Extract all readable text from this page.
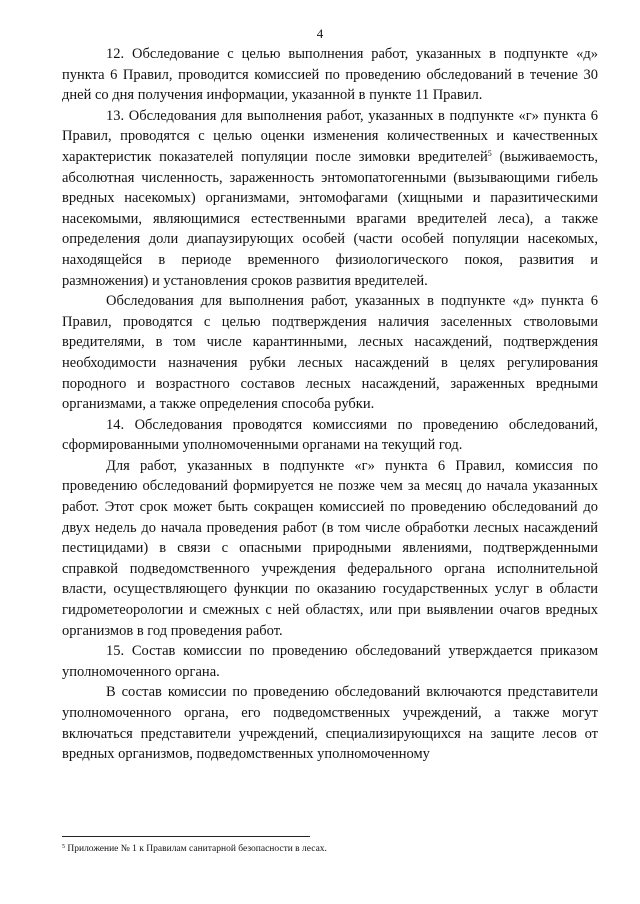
4

12. Обследование с целью выполнения работ, указанных в подпункте «д» пункта 6 Правил, проводится комиссией по проведению обследований в течение 30 дней со дня получения информации, указанной в пункте 11 Правил.

13. Обследования для выполнения работ, указанных в подпункте «г» пункта 6 Правил, проводятся с целью оценки изменения количественных и качественных характеристик показателей популяции после зимовки вредителей$^5$ (выживаемость, абсолютная численность, зараженность энтомопатогенными (вызывающими гибель вредных насекомых) организмами, энтомофагами (хищными и паразитическими насекомыми, являющимися естественными врагами вредителей леса), а также определения доли диапаузирующих особей (части особей популяции насекомых, находящейся в периоде временного физиологического покоя, развития и размножения) и установления сроков развития вредителей.

Обследования для выполнения работ, указанных в подпункте «д» пункта 6 Правил, проводятся с целью подтверждения наличия заселенных стволовыми вредителями, в том числе карантинными, лесных насаждений, подтверждения необходимости назначения рубки лесных насаждений в целях регулирования породного и возрастного составов лесных насаждений, зараженных вредными организмами, а также определения способа рубки.

14. Обследования проводятся комиссиями по проведению обследований, сформированными уполномоченными органами на текущий год.

Для работ, указанных в подпункте «г» пункта 6 Правил, комиссия по проведению обследований формируется не позже чем за месяц до начала указанных работ. Этот срок может быть сокращен комиссией по проведению обследований до двух недель до начала проведения работ (в том числе обработки лесных насаждений пестицидами) в связи с опасными природными явлениями, подтвержденными справкой подведомственного учреждения федерального органа исполнительной власти, осуществляющего функции по оказанию государственных услуг в области гидрометеорологии и смежных с ней областях, или при выявлении очагов вредных организмов в год проведения работ.

15. Состав комиссии по проведению обследований утверждается приказом уполномоченного органа.

В состав комиссии по проведению обследований включаются представители уполномоченного органа, его подведомственных учреждений, а также могут включаться представители учреждений, специализирующихся на защите лесов от вредных организмов, подведомственных уполномоченному

$^5$ Приложение № 1 к Правилам санитарной безопасности в лесах.
